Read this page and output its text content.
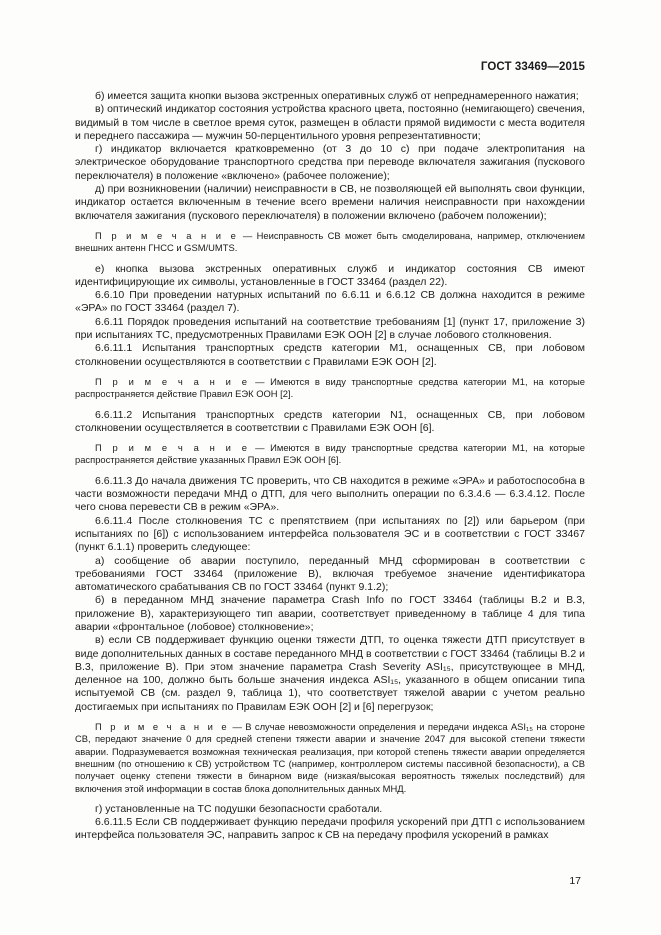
ГОСТ 33469—2015

б) имеется защита кнопки вызова экстренных оперативных служб от непреднамеренного нажатия;

в) оптический индикатор состояния устройства красного цвета, постоянно (немигающего) свечения, видимый в том числе в светлое время суток, размещен в области прямой видимости с места водителя и переднего пассажира — мужчин 50-перцентильного уровня репрезентативности;

г) индикатор включается кратковременно (от 3 до 10 с) при подаче электропитания на электрическое оборудование транспортного средства при переводе включателя зажигания (пускового переключателя) в положение «включено» (рабочее положение);

д) при возникновении (наличии) неисправности в СВ, не позволяющей ей выполнять свои функции, индикатор остается включенным в течение всего времени наличия неисправности при нахождении включателя зажигания (пускового переключателя) в положении включено (рабочем положении);

П р и м е ч а н и е — Неисправность СВ может быть смоделирована, например, отключением внешних антенн ГНСС и GSM/UMTS.

е) кнопка вызова экстренных оперативных служб и индикатор состояния СВ имеют идентифицирующие их символы, установленные в ГОСТ 33464 (раздел 22).

6.6.10 При проведении натурных испытаний по 6.6.11 и 6.6.12 СВ должна находится в режиме «ЭРА» по ГОСТ 33464 (раздел 7).

6.6.11 Порядок проведения испытаний на соответствие требованиям [1] (пункт 17, приложение 3) при испытаниях ТС, предусмотренных Правилами ЕЭК ООН [2] в случае лобового столкновения.

6.6.11.1 Испытания транспортных средств категории М1, оснащенных СВ, при лобовом столкновении осуществляются в соответствии с Правилами ЕЭК ООН [2].

П р и м е ч а н и е — Имеются в виду транспортные средства категории М1, на которые распространяется действие Правил ЕЭК ООН [2].

6.6.11.2 Испытания транспортных средств категории N1, оснащенных СВ, при лобовом столкновении осуществляется в соответствии с Правилами ЕЭК ООН [6].

П р и м е ч а н и е — Имеются в виду транспортные средства категории М1, на которые распространяется действие указанных Правил ЕЭК ООН [6].

6.6.11.3 До начала движения ТС проверить, что СВ находится в режиме «ЭРА» и работоспособна в части возможности передачи МНД о ДТП, для чего выполнить операции по 6.3.4.6 — 6.3.4.12. После чего снова перевести СВ в режим «ЭРА».

6.6.11.4 После столкновения ТС с препятствием (при испытаниях по [2]) или барьером (при испытаниях по [6]) с использованием интерфейса пользователя ЭС и в соответствии с ГОСТ 33467 (пункт 6.1.1) проверить следующее:

а) сообщение об аварии поступило, переданный МНД сформирован в соответствии с требованиями ГОСТ 33464 (приложение В), включая требуемое значение идентификатора автоматического срабатывания СВ по ГОСТ 33464 (пункт 9.1.2);

б) в переданном МНД значение параметра Crash Info по ГОСТ 33464 (таблицы В.2 и В.3, приложение В), характеризующего тип аварии, соответствует приведенному в таблице 4 для типа аварии «фронтальное (лобовое) столкновение»;

в) если СВ поддерживает функцию оценки тяжести ДТП, то оценка тяжести ДТП присутствует в виде дополнительных данных в составе переданного МНД в соответствии с ГОСТ 33464 (таблицы В.2 и В.3, приложение В). При этом значение параметра Crash Severity ASI₁₅, присутствующее в МНД, деленное на 100, должно быть больше значения индекса ASI₁₅, указанного в общем описании типа испытуемой СВ (см. раздел 9, таблица 1), что соответствует тяжелой аварии с учетом реально достигаемых при испытаниях по Правилам ЕЭК ООН [2] и [6] перегрузок;

П р и м е ч а н и е — В случае невозможности определения и передачи индекса ASI₁₅ на стороне СВ, передают значение 0 для средней степени тяжести аварии и значение 2047 для высокой степени тяжести аварии. Подразумевается возможная техническая реализация, при которой степень тяжести аварии определяется внешним (по отношению к СВ) устройством ТС (например, контроллером системы пассивной безопасности), а СВ получает оценку степени тяжести в бинарном виде (низкая/высокая вероятность тяжелых последствий) для включения этой информации в состав блока дополнительных данных МНД.

г) установленные на ТС подушки безопасности сработали.

6.6.11.5 Если СВ поддерживает функцию передачи профиля ускорений при ДТП с использованием интерфейса пользователя ЭС, направить запрос к СВ на передачу профиля ускорений в рамках

17
